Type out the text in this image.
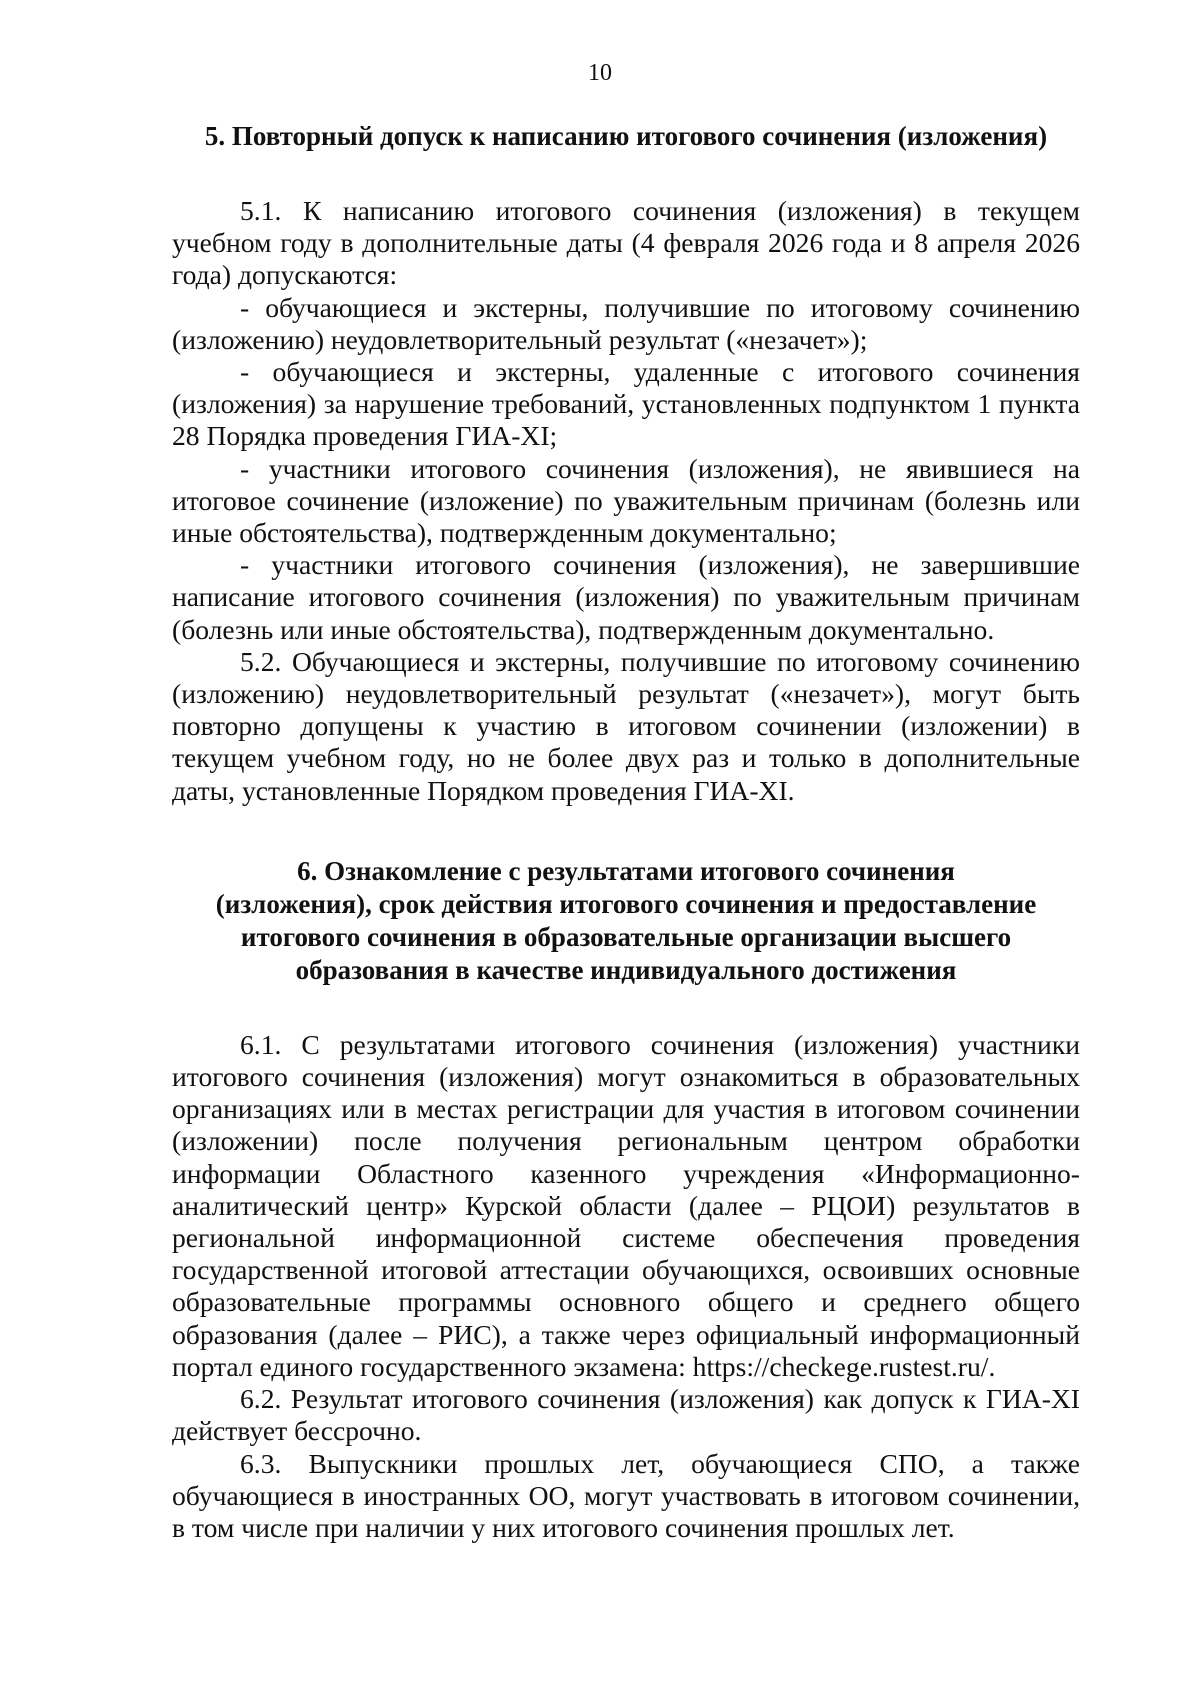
10
5. Повторный допуск к написанию итогового сочинения (изложения)

5.1. К написанию итогового сочинения (изложения) в текущем учебном году в дополнительные даты (4 февраля 2026 года и 8 апреля 2026 года) допускаются:

- обучающиеся и экстерны, получившие по итоговому сочинению (изложению) неудовлетворительный результат («незачет»);

- обучающиеся и экстерны, удаленные с итогового сочинения (изложения) за нарушение требований, установленных подпунктом 1 пункта 28 Порядка проведения ГИА-XI;

- участники итогового сочинения (изложения), не явившиеся на итоговое сочинение (изложение) по уважительным причинам (болезнь или иные обстоятельства), подтвержденным документально;

- участники итогового сочинения (изложения), не завершившие написание итогового сочинения (изложения) по уважительным причинам (болезнь или иные обстоятельства), подтвержденным документально.

5.2. Обучающиеся и экстерны, получившие по итоговому сочинению (изложению) неудовлетворительный результат («незачет»), могут быть повторно допущены к участию в итоговом сочинении (изложении) в текущем учебном году, но не более двух раз и только в дополнительные даты, установленные Порядком проведения ГИА-XI.

6. Ознакомление с результатами итогового сочинения
(изложения), срок действия итогового сочинения и предоставление
итогового сочинения в образовательные организации высшего
образования в качестве индивидуального достижения

6.1. С результатами итогового сочинения (изложения) участники итогового сочинения (изложения) могут ознакомиться в образовательных организациях или в местах регистрации для участия в итоговом сочинении (изложении) после получения региональным центром обработки информации Областного казенного учреждения «Информационно-аналитический центр» Курской области (далее – РЦОИ) результатов в региональной информационной системе обеспечения проведения государственной итоговой аттестации обучающихся, освоивших основные образовательные программы основного общего и среднего общего образования (далее – РИС), а также через официальный информационный портал единого государственного экзамена: https://checkege.rustest.ru/.

6.2. Результат итогового сочинения (изложения) как допуск к ГИА-XI действует бессрочно.

6.3. Выпускники прошлых лет, обучающиеся СПО, а также обучающиеся в иностранных ОО, могут участвовать в итоговом сочинении, в том числе при наличии у них итогового сочинения прошлых лет.
